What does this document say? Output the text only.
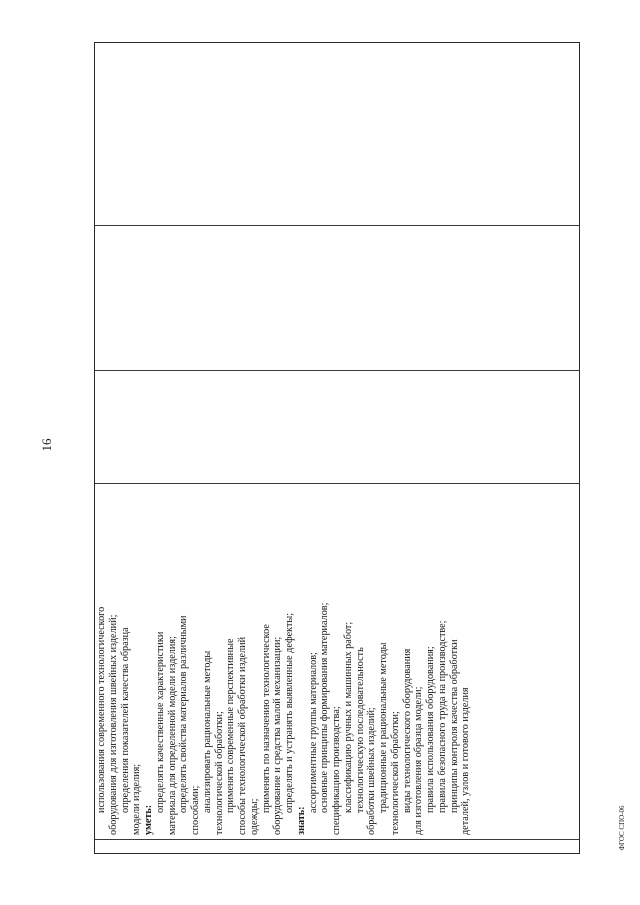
16
использования современного технологического оборудования для изготовления швейных изделий; определения показателей качества образца модели изделия; уметь:
определять качественные характеристики материала для определенной модели изделия; определять свойства материалов различными способами; анализировать рациональные методы технологической обработки; применять современные перспективные способы технологической обработки изделий одежды;
применять по назначению технологическое оборудование и средства малой механизации; определять и устранять выявленные дефекты;
знать:
ассортиментные группы материалов; основные принципы формирования материалов; спецификацию производства; классификацию ручных и машинных работ; технологическую последовательность обработки швейных изделий; традиционные и рациональные методы технологической обработки; виды технологического оборудования для изготовления образца модели; правила использования оборудования; правила безопасного труда на производстве; принципы контроля качества обработки деталей, узлов и готового изделия	ФГОС СПО-06
